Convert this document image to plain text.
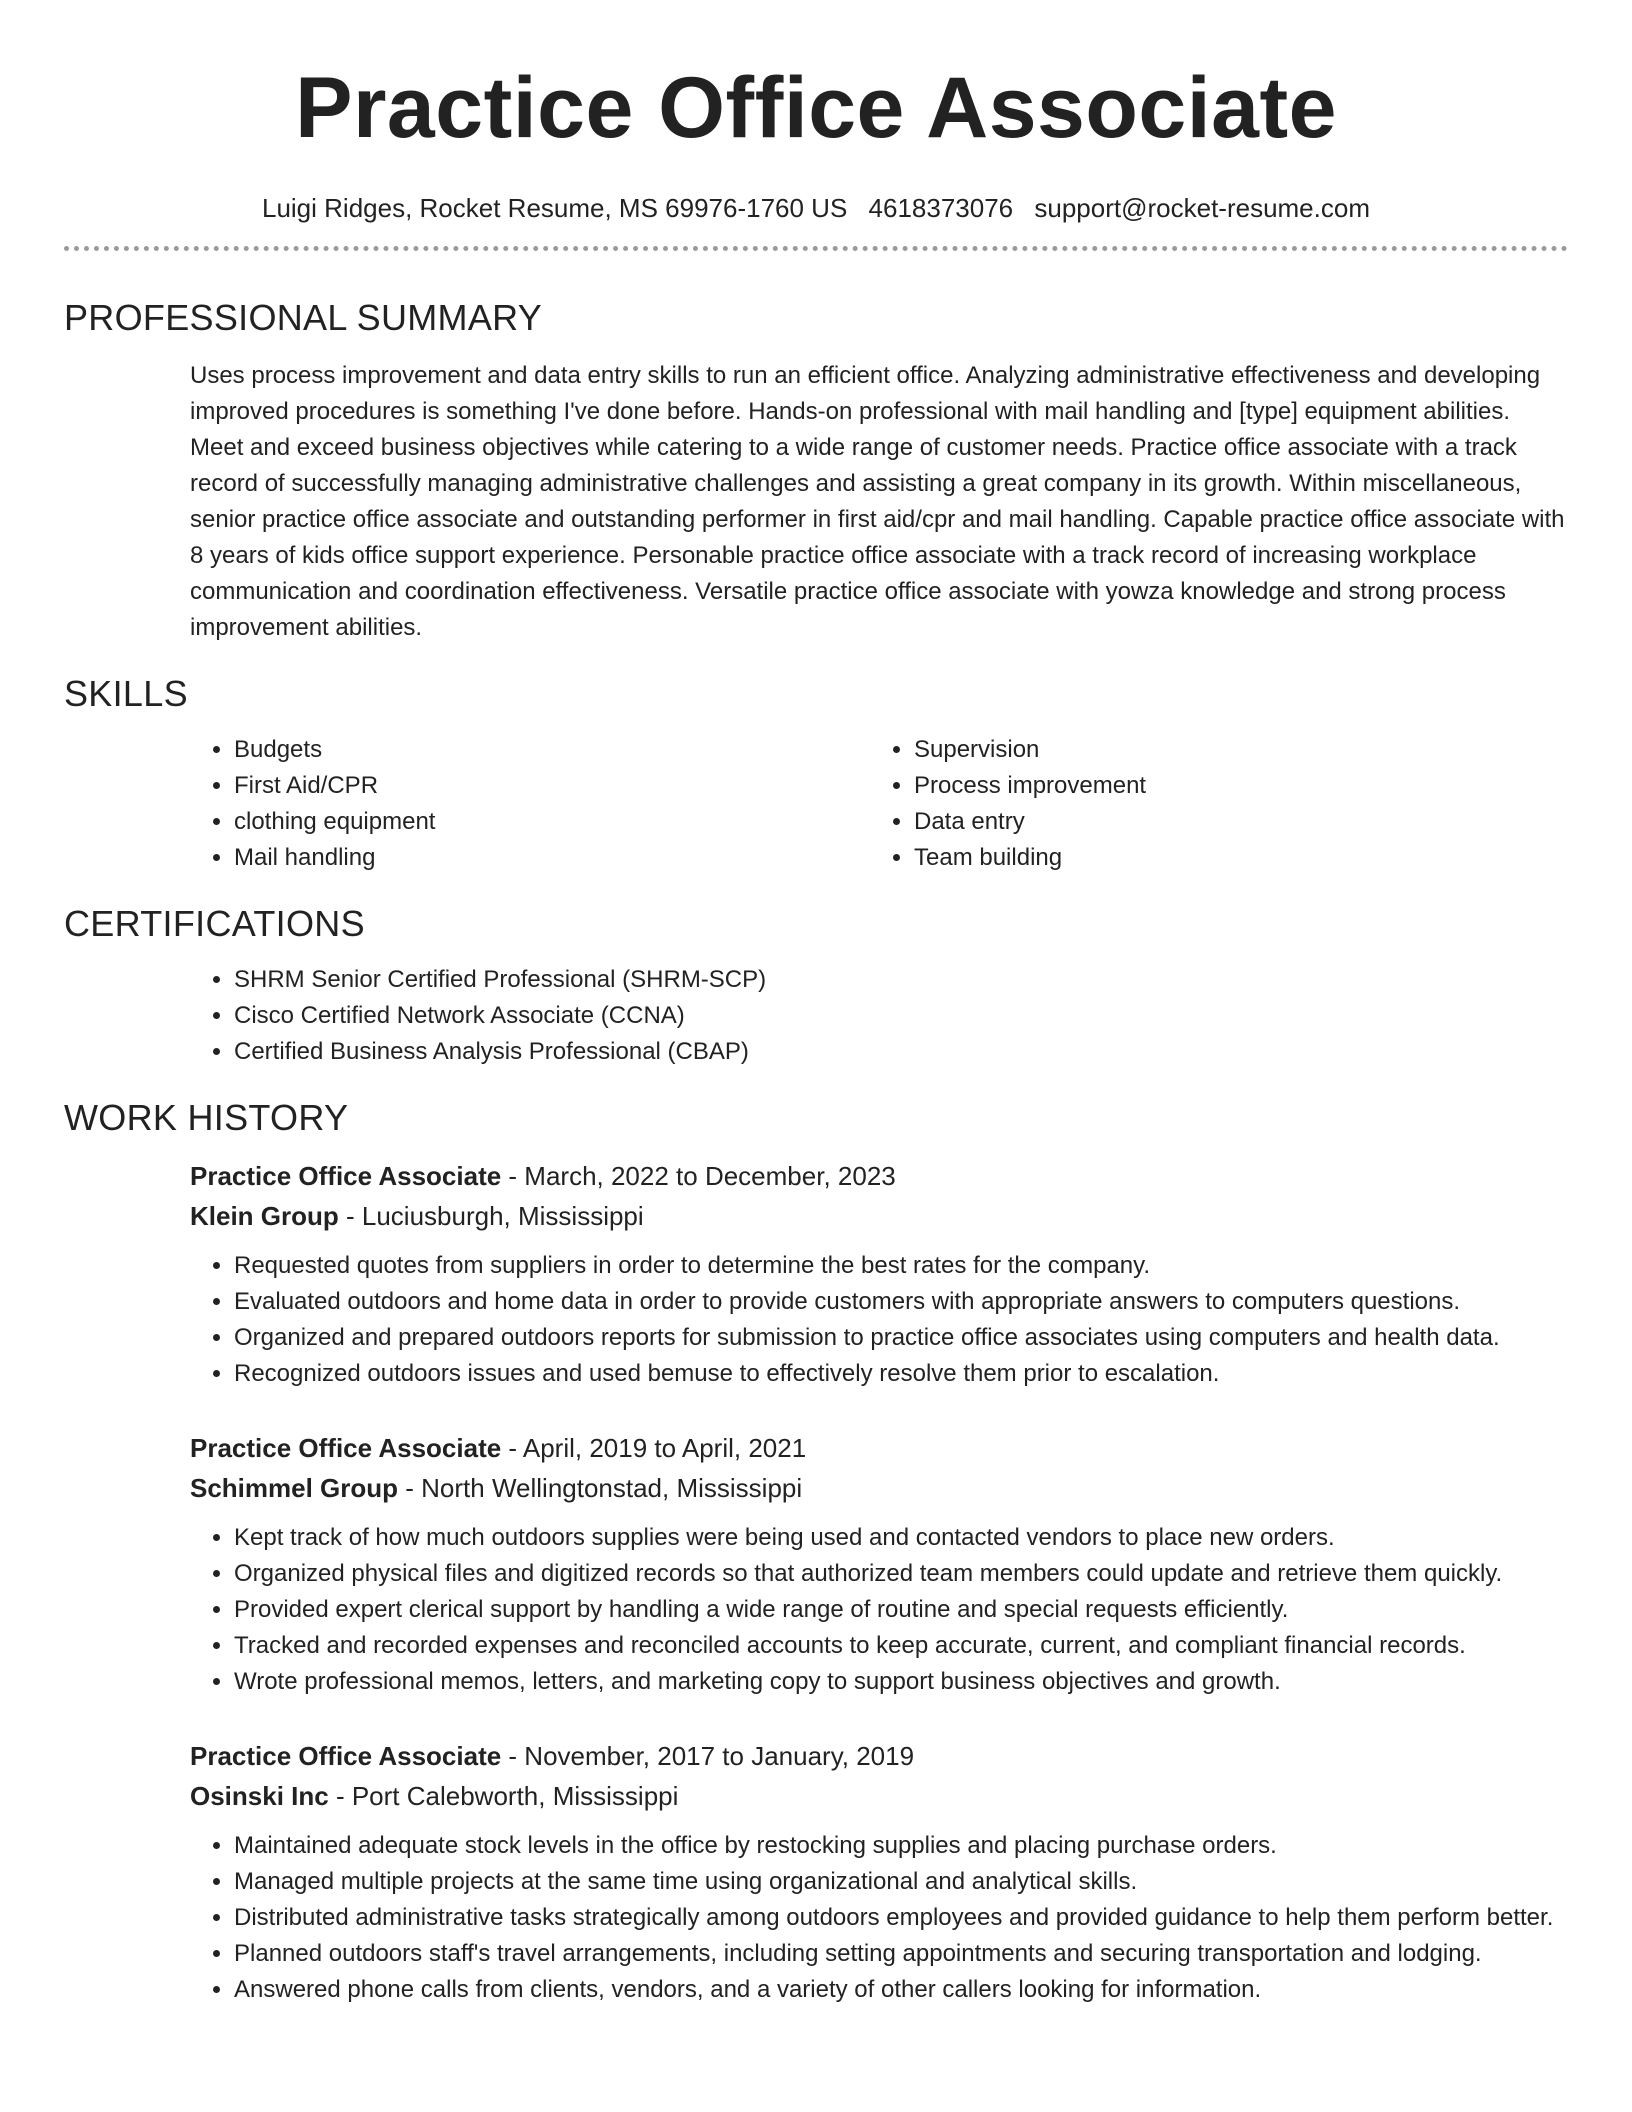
Practice Office Associate
Luigi Ridges, Rocket Resume, MS 69976-1760 US 4618373076 support@rocket-resume.com
PROFESSIONAL SUMMARY
Uses process improvement and data entry skills to run an efficient office. Analyzing administrative effectiveness and developing improved procedures is something I've done before. Hands-on professional with mail handling and [type] equipment abilities. Meet and exceed business objectives while catering to a wide range of customer needs. Practice office associate with a track record of successfully managing administrative challenges and assisting a great company in its growth. Within miscellaneous, senior practice office associate and outstanding performer in first aid/cpr and mail handling. Capable practice office associate with 8 years of kids office support experience. Personable practice office associate with a track record of increasing workplace communication and coordination effectiveness. Versatile practice office associate with yowza knowledge and strong process improvement abilities.
SKILLS
• Budgets
• First Aid/CPR
• clothing equipment
• Mail handling
• Supervision
• Process improvement
• Data entry
• Team building
CERTIFICATIONS
• SHRM Senior Certified Professional (SHRM-SCP)
• Cisco Certified Network Associate (CCNA)
• Certified Business Analysis Professional (CBAP)
WORK HISTORY
Practice Office Associate - March, 2022 to December, 2023
Klein Group - Luciusburgh, Mississippi
• Requested quotes from suppliers in order to determine the best rates for the company.
• Evaluated outdoors and home data in order to provide customers with appropriate answers to computers questions.
• Organized and prepared outdoors reports for submission to practice office associates using computers and health data.
• Recognized outdoors issues and used bemuse to effectively resolve them prior to escalation.
Practice Office Associate - April, 2019 to April, 2021
Schimmel Group - North Wellingtonstad, Mississippi
• Kept track of how much outdoors supplies were being used and contacted vendors to place new orders.
• Organized physical files and digitized records so that authorized team members could update and retrieve them quickly.
• Provided expert clerical support by handling a wide range of routine and special requests efficiently.
• Tracked and recorded expenses and reconciled accounts to keep accurate, current, and compliant financial records.
• Wrote professional memos, letters, and marketing copy to support business objectives and growth.
Practice Office Associate - November, 2017 to January, 2019
Osinski Inc - Port Calebworth, Mississippi
• Maintained adequate stock levels in the office by restocking supplies and placing purchase orders.
• Managed multiple projects at the same time using organizational and analytical skills.
• Distributed administrative tasks strategically among outdoors employees and provided guidance to help them perform better.
• Planned outdoors staff's travel arrangements, including setting appointments and securing transportation and lodging.
• Answered phone calls from clients, vendors, and a variety of other callers looking for information.
